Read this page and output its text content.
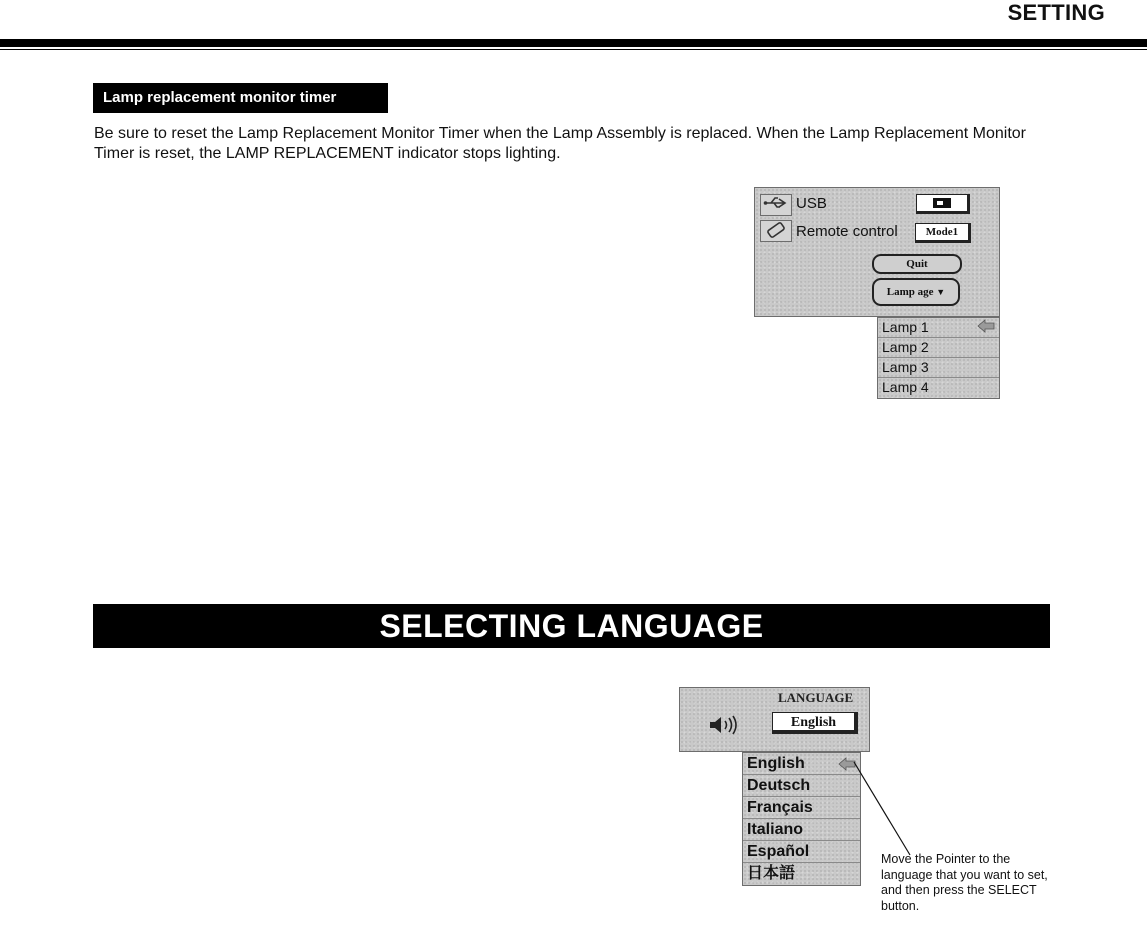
SETTING
Lamp replacement monitor timer
Be sure to reset the Lamp Replacement Monitor Timer when the Lamp Assembly is replaced. When the Lamp Replacement Monitor Timer is reset, the LAMP REPLACEMENT indicator stops lighting.
USB
Remote control	Mode1
Quit
Lamp age ▼
Lamp 1
Lamp 2
Lamp 3
Lamp 4
SELECTING LANGUAGE
LANGUAGE
English
English
Deutsch
Français
Italiano
Español
日本語
Move the Pointer to the language that you want to set, and then press the SELECT button.
